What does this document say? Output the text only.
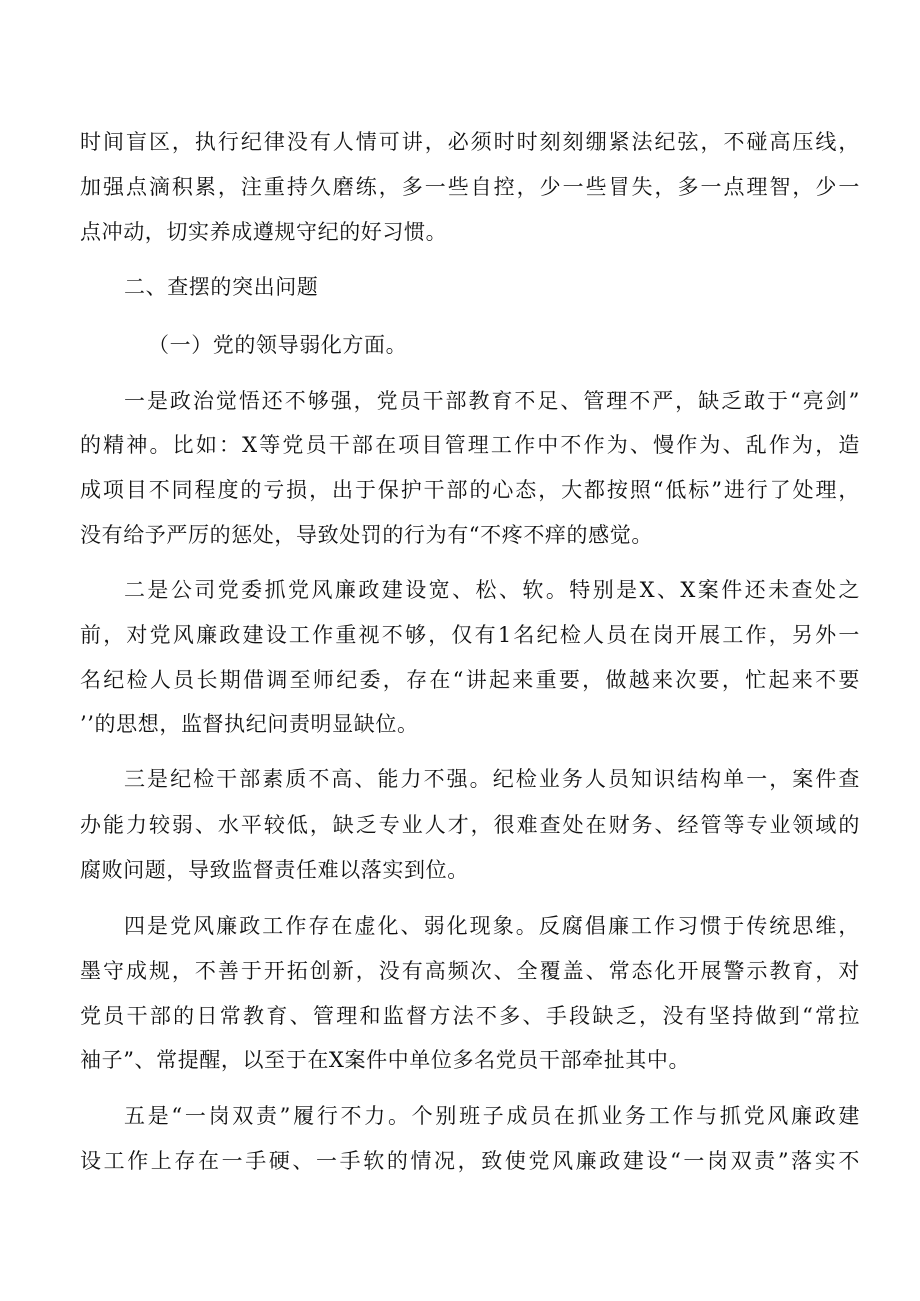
时间盲区，执行纪律没有人情可讲，必须时时刻刻绷紧法纪弦，不碰高压线，
加强点滴积累，注重持久磨练，多一些自控，少一些冒失，多一点理智，少一
点冲动，切实养成遵规守纪的好习惯。
二、查摆的突出问题
（一）党的领导弱化方面。
一是政治觉悟还不够强，党员干部教育不足、管理不严，缺乏敢于“亮剑”
的精神。比如：X等党员干部在项目管理工作中不作为、慢作为、乱作为，造
成项目不同程度的亏损，出于保护干部的心态，大都按照“低标”进行了处理，
没有给予严厉的惩处，导致处罚的行为有“不疼不痒的感觉。
二是公司党委抓党风廉政建设宽、松、软。特别是X、X案件还未查处之
前，对党风廉政建设工作重视不够，仅有1名纪检人员在岗开展工作，另外一
名纪检人员长期借调至师纪委，存在“讲起来重要，做越来次要，忙起来不要
’’的思想，监督执纪问责明显缺位。
三是纪检干部素质不高、能力不强。纪检业务人员知识结构单一，案件查
办能力较弱、水平较低，缺乏专业人才，很难查处在财务、经管等专业领域的
腐败问题，导致监督责任难以落实到位。
四是党风廉政工作存在虚化、弱化现象。反腐倡廉工作习惯于传统思维，
墨守成规，不善于开拓创新，没有高频次、全覆盖、常态化开展警示教育，对
党员干部的日常教育、管理和监督方法不多、手段缺乏，没有坚持做到“常拉
袖子”、常提醒，以至于在X案件中单位多名党员干部牵扯其中。
五是“一岗双责”履行不力。个别班子成员在抓业务工作与抓党风廉政建
设工作上存在一手硬、一手软的情况，致使党风廉政建设“一岗双责”落实不
